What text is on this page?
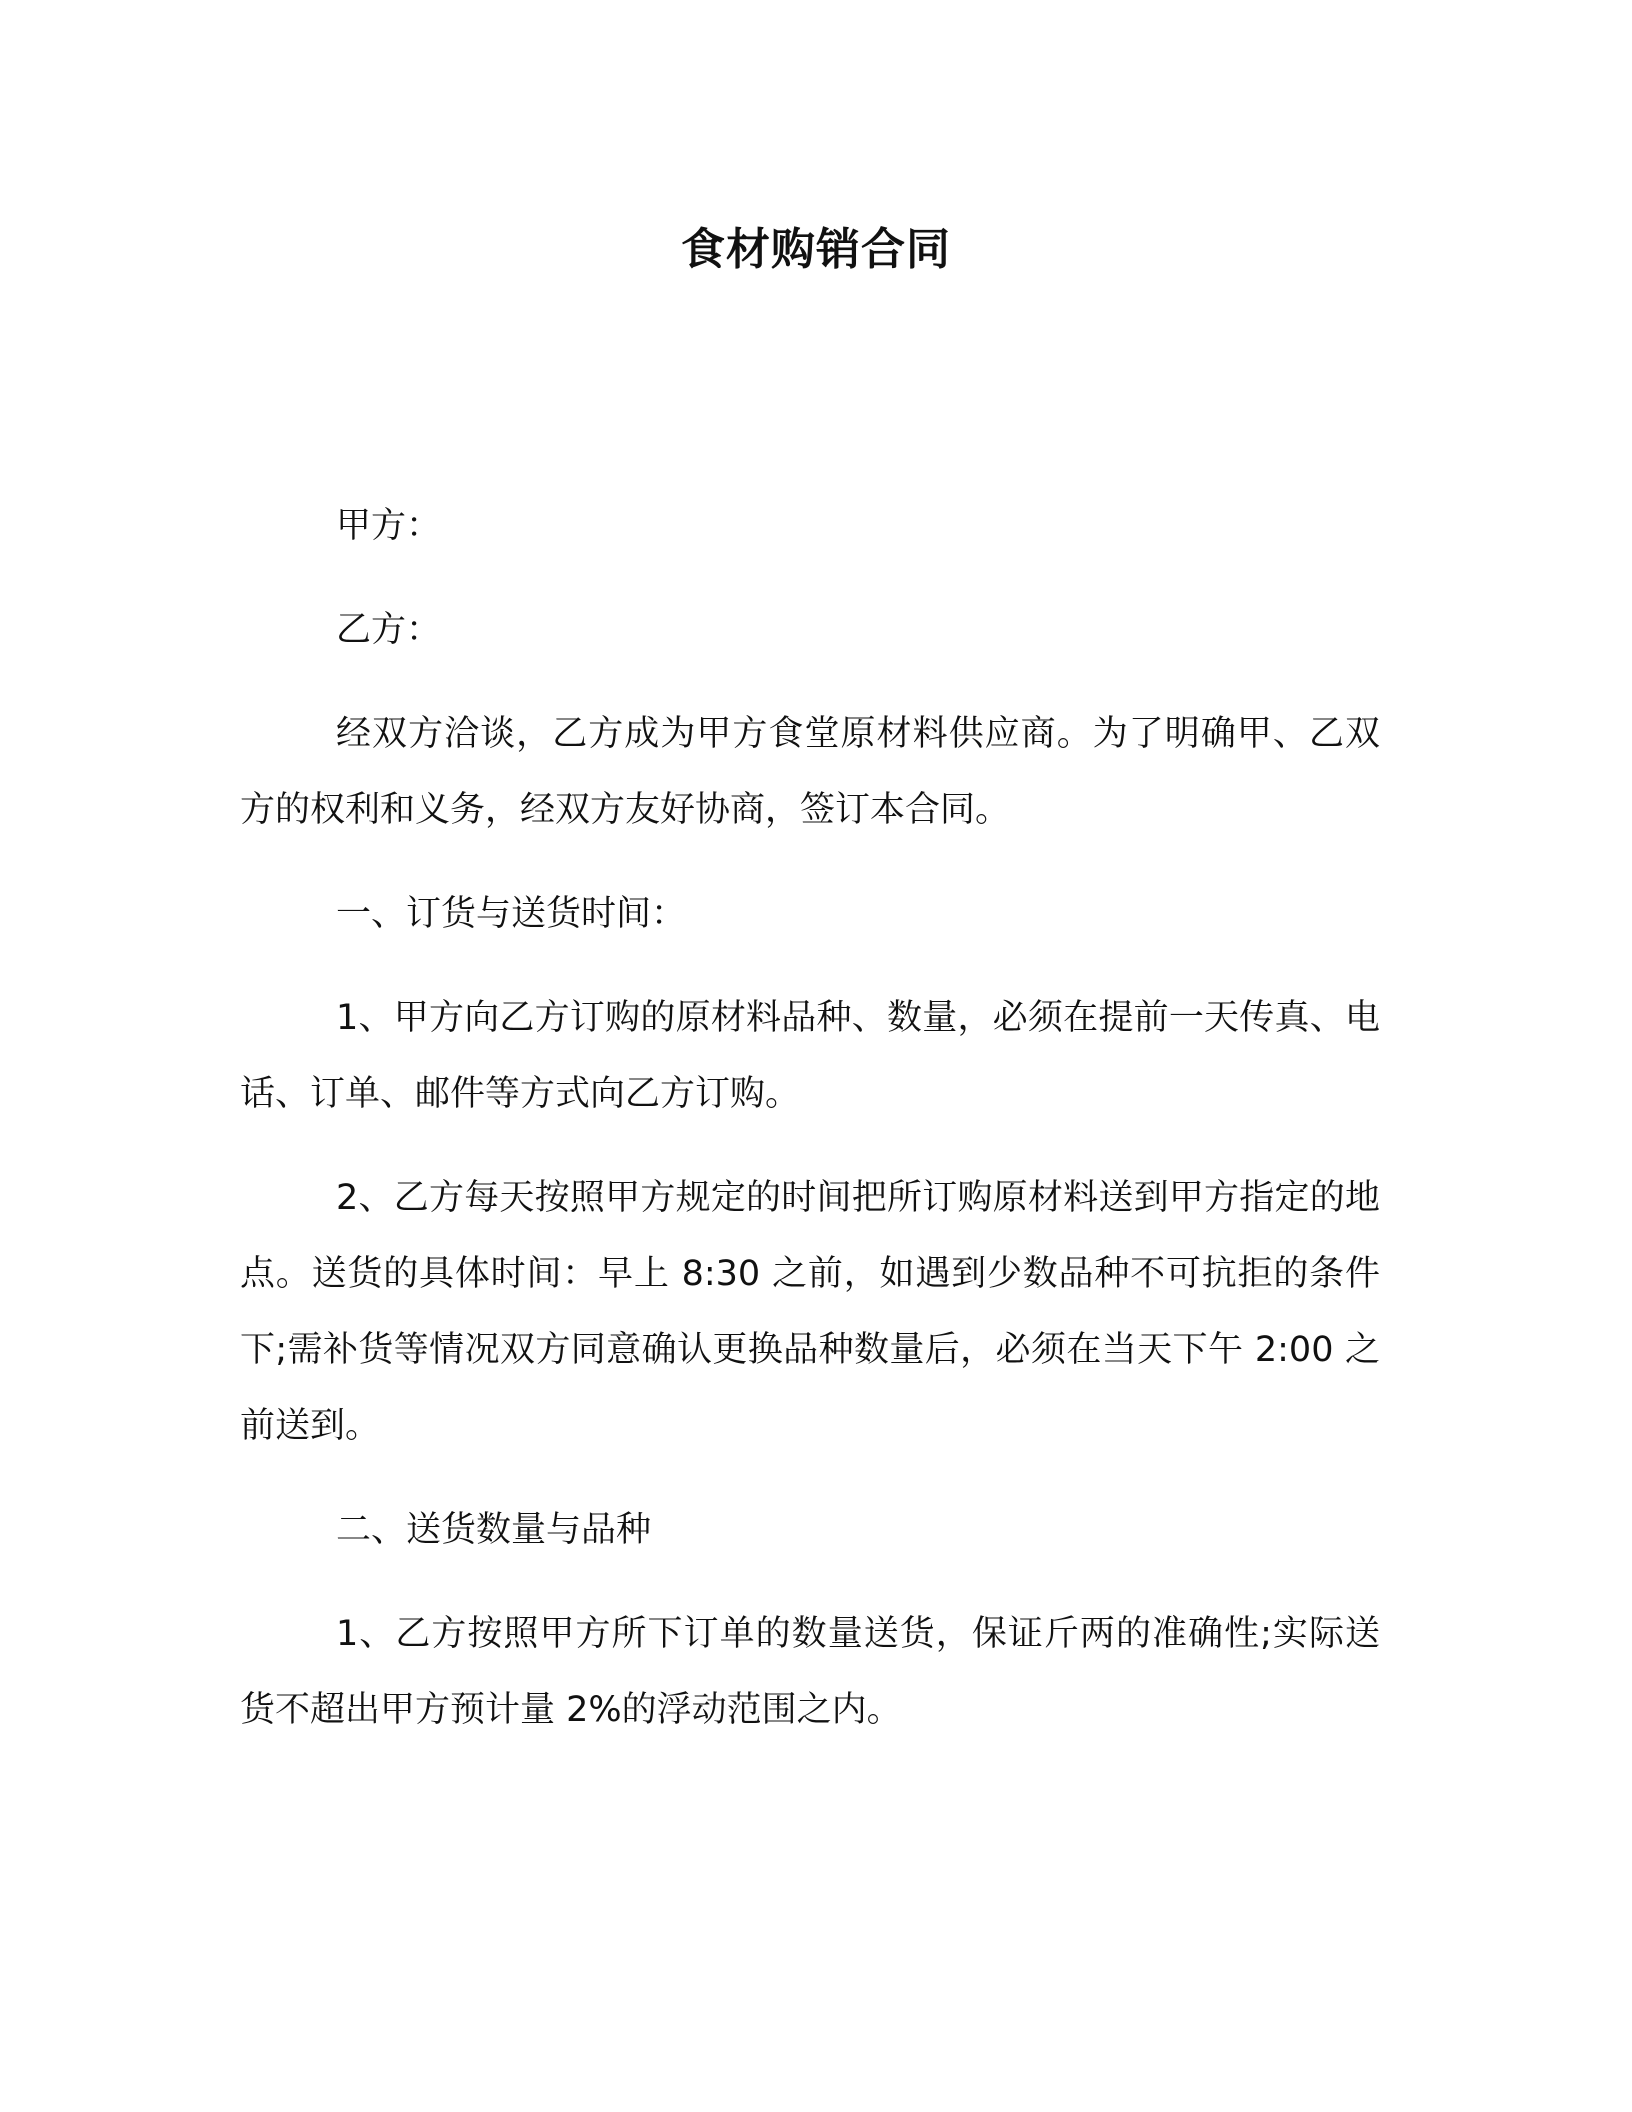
食材购销合同

甲方：

乙方：

经双方洽谈，乙方成为甲方食堂原材料供应商。为了明确甲、乙双方的权利和义务，经双方友好协商，签订本合同。

一、订货与送货时间：

1、甲方向乙方订购的原材料品种、数量，必须在提前一天传真、电话、订单、邮件等方式向乙方订购。

2、乙方每天按照甲方规定的时间把所订购原材料送到甲方指定的地点。送货的具体时间：早上 8:30 之前，如遇到少数品种不可抗拒的条件下;需补货等情况双方同意确认更换品种数量后，必须在当天下午 2:00 之前送到。

二、送货数量与品种

1、乙方按照甲方所下订单的数量送货，保证斤两的准确性;实际送货不超出甲方预计量 2%的浮动范围之内。
